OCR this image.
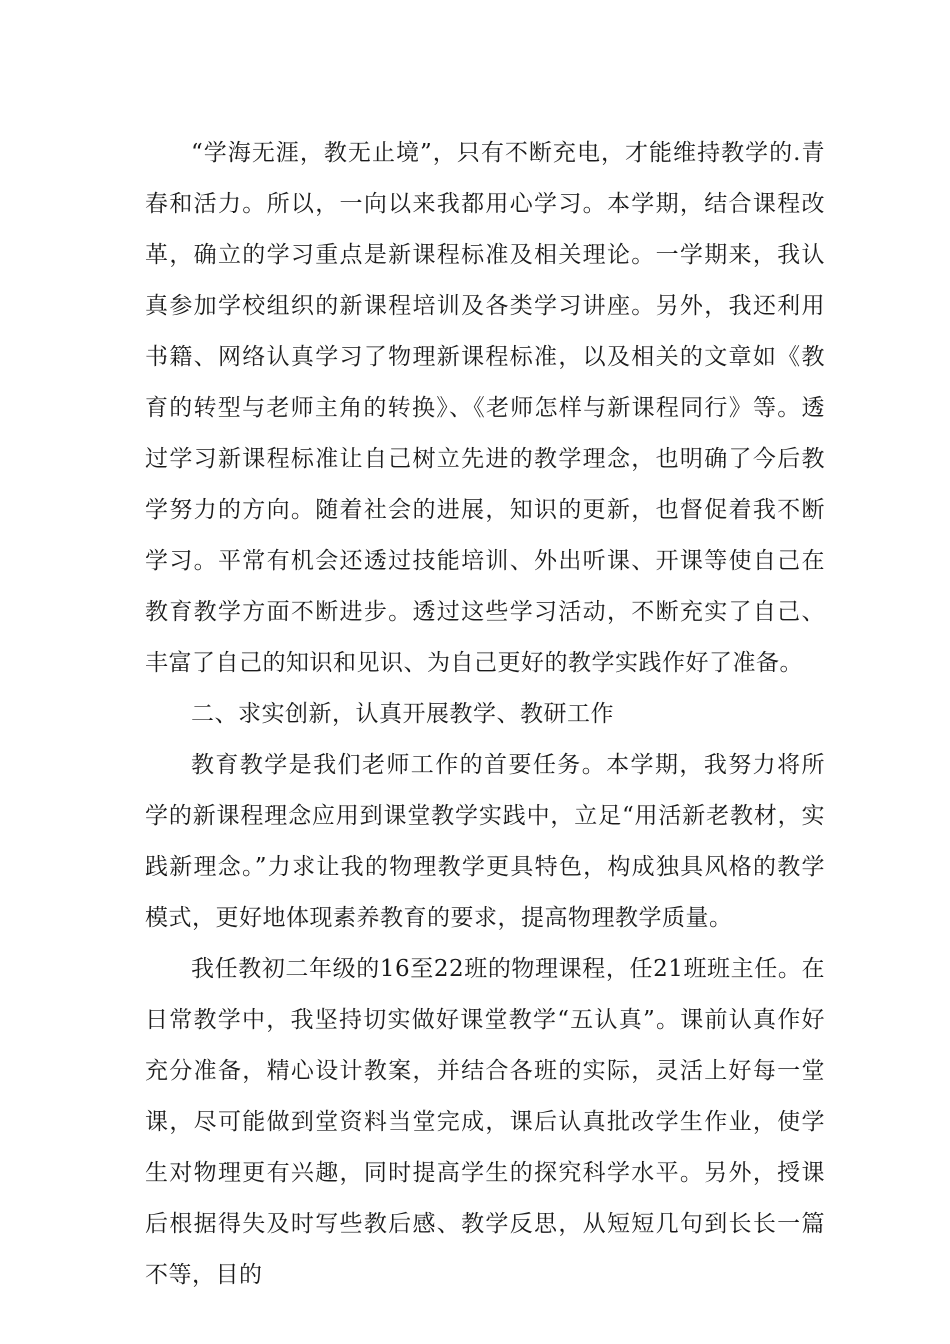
“学海无涯，教无止境”，只有不断充电，才能维持教学的.青春和活力。所以，一向以来我都用心学习。本学期，结合课程改革，确立的学习重点是新课程标准及相关理论。一学期来，我认真参加学校组织的新课程培训及各类学习讲座。另外，我还利用书籍、网络认真学习了物理新课程标准，以及相关的文章如《教育的转型与老师主角的转换》、《老师怎样与新课程同行》等。透过学习新课程标准让自己树立先进的教学理念，也明确了今后教学努力的方向。随着社会的进展，知识的更新，也督促着我不断学习。平常有机会还透过技能培训、外出听课、开课等使自己在教育教学方面不断进步。透过这些学习活动，不断充实了自己、丰富了自己的知识和见识、为自己更好的教学实践作好了准备。

二、求实创新，认真开展教学、教研工作

教育教学是我们老师工作的首要任务。本学期，我努力将所学的新课程理念应用到课堂教学实践中，立足“用活新老教材，实践新理念。”力求让我的物理教学更具特色，构成独具风格的教学模式，更好地体现素养教育的要求，提高物理教学质量。

我任教初二年级的16至22班的物理课程，任21班班主任。在日常教学中，我坚持切实做好课堂教学“五认真”。课前认真作好充分准备，精心设计教案，并结合各班的实际，灵活上好每一堂课，尽可能做到堂资料当堂完成，课后认真批改学生作业，使学生对物理更有兴趣，同时提高学生的探究科学水平。另外，授课后根据得失及时写些教后感、教学反思，从短短几句到长长一篇不等，目的
